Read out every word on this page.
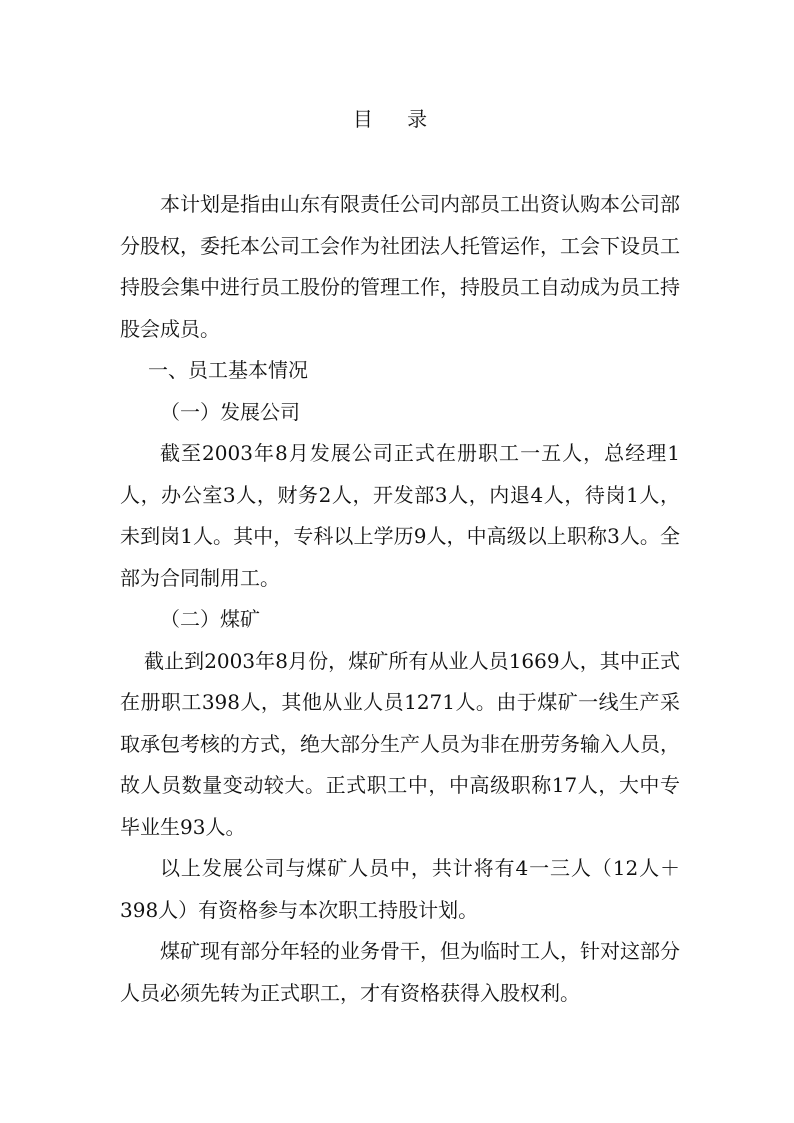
目 录

本计划是指由山东有限责任公司内部员工出资认购本公司部分股权，委托本公司工会作为社团法人托管运作，工会下设员工持股会集中进行员工股份的管理工作，持股员工自动成为员工持股会成员。

一、员工基本情况

（一）发展公司

截至2003年8月发展公司正式在册职工一五人，总经理1人，办公室3人，财务2人，开发部3人，内退4人，待岗1人，未到岗1人。其中，专科以上学历9人，中高级以上职称3人。全部为合同制用工。

（二）煤矿

截止到2003年8月份，煤矿所有从业人员1669人，其中正式在册职工398人，其他从业人员1271人。由于煤矿一线生产采取承包考核的方式，绝大部分生产人员为非在册劳务输入人员，故人员数量变动较大。正式职工中，中高级职称17人，大中专毕业生93人。

以上发展公司与煤矿人员中，共计将有4一三人（12人＋398人）有资格参与本次职工持股计划。

煤矿现有部分年轻的业务骨干，但为临时工人，针对这部分人员必须先转为正式职工，才有资格获得入股权利。
